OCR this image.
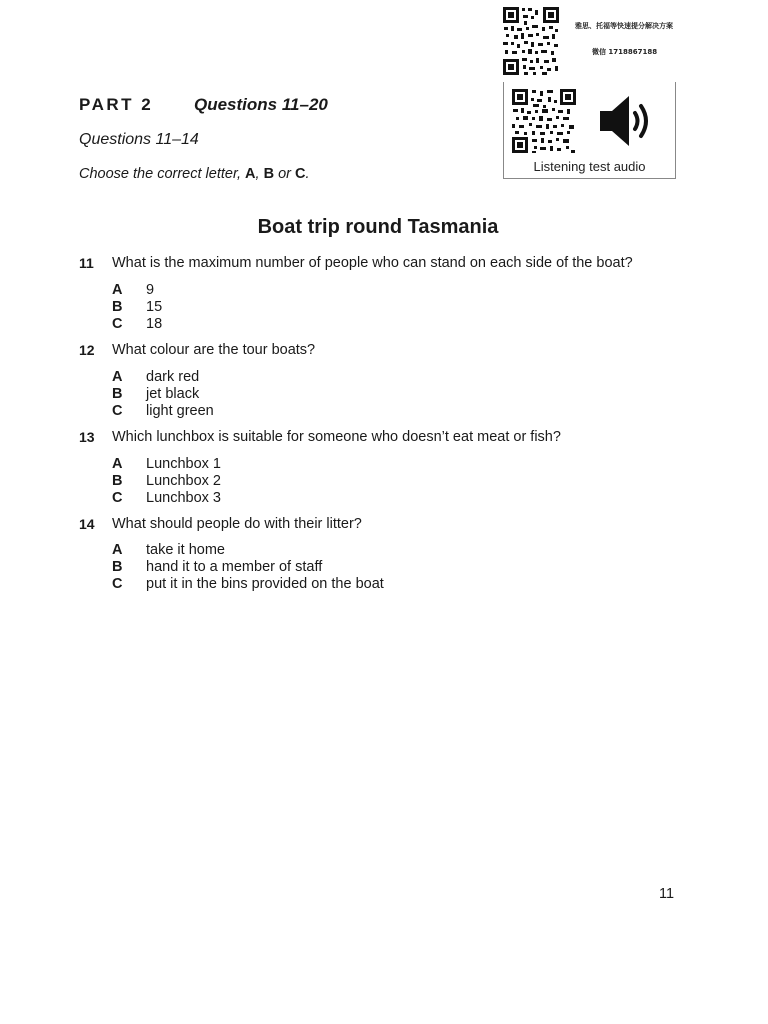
雅思、托福等快速提分解决方案
微信 1718867188
Listening test audio
PART 2 Questions 11–20
Questions 11–14
Choose the correct letter, A, B or C.
Boat trip round Tasmania
11 What is the maximum number of people who can stand on each side of the boat?
A 9
B 15
C 18
12 What colour are the tour boats?
A dark red
B jet black
C light green
13 Which lunchbox is suitable for someone who doesn’t eat meat or fish?
A Lunchbox 1
B Lunchbox 2
C Lunchbox 3
14 What should people do with their litter?
A take it home
B hand it to a member of staff
C put it in the bins provided on the boat
11
